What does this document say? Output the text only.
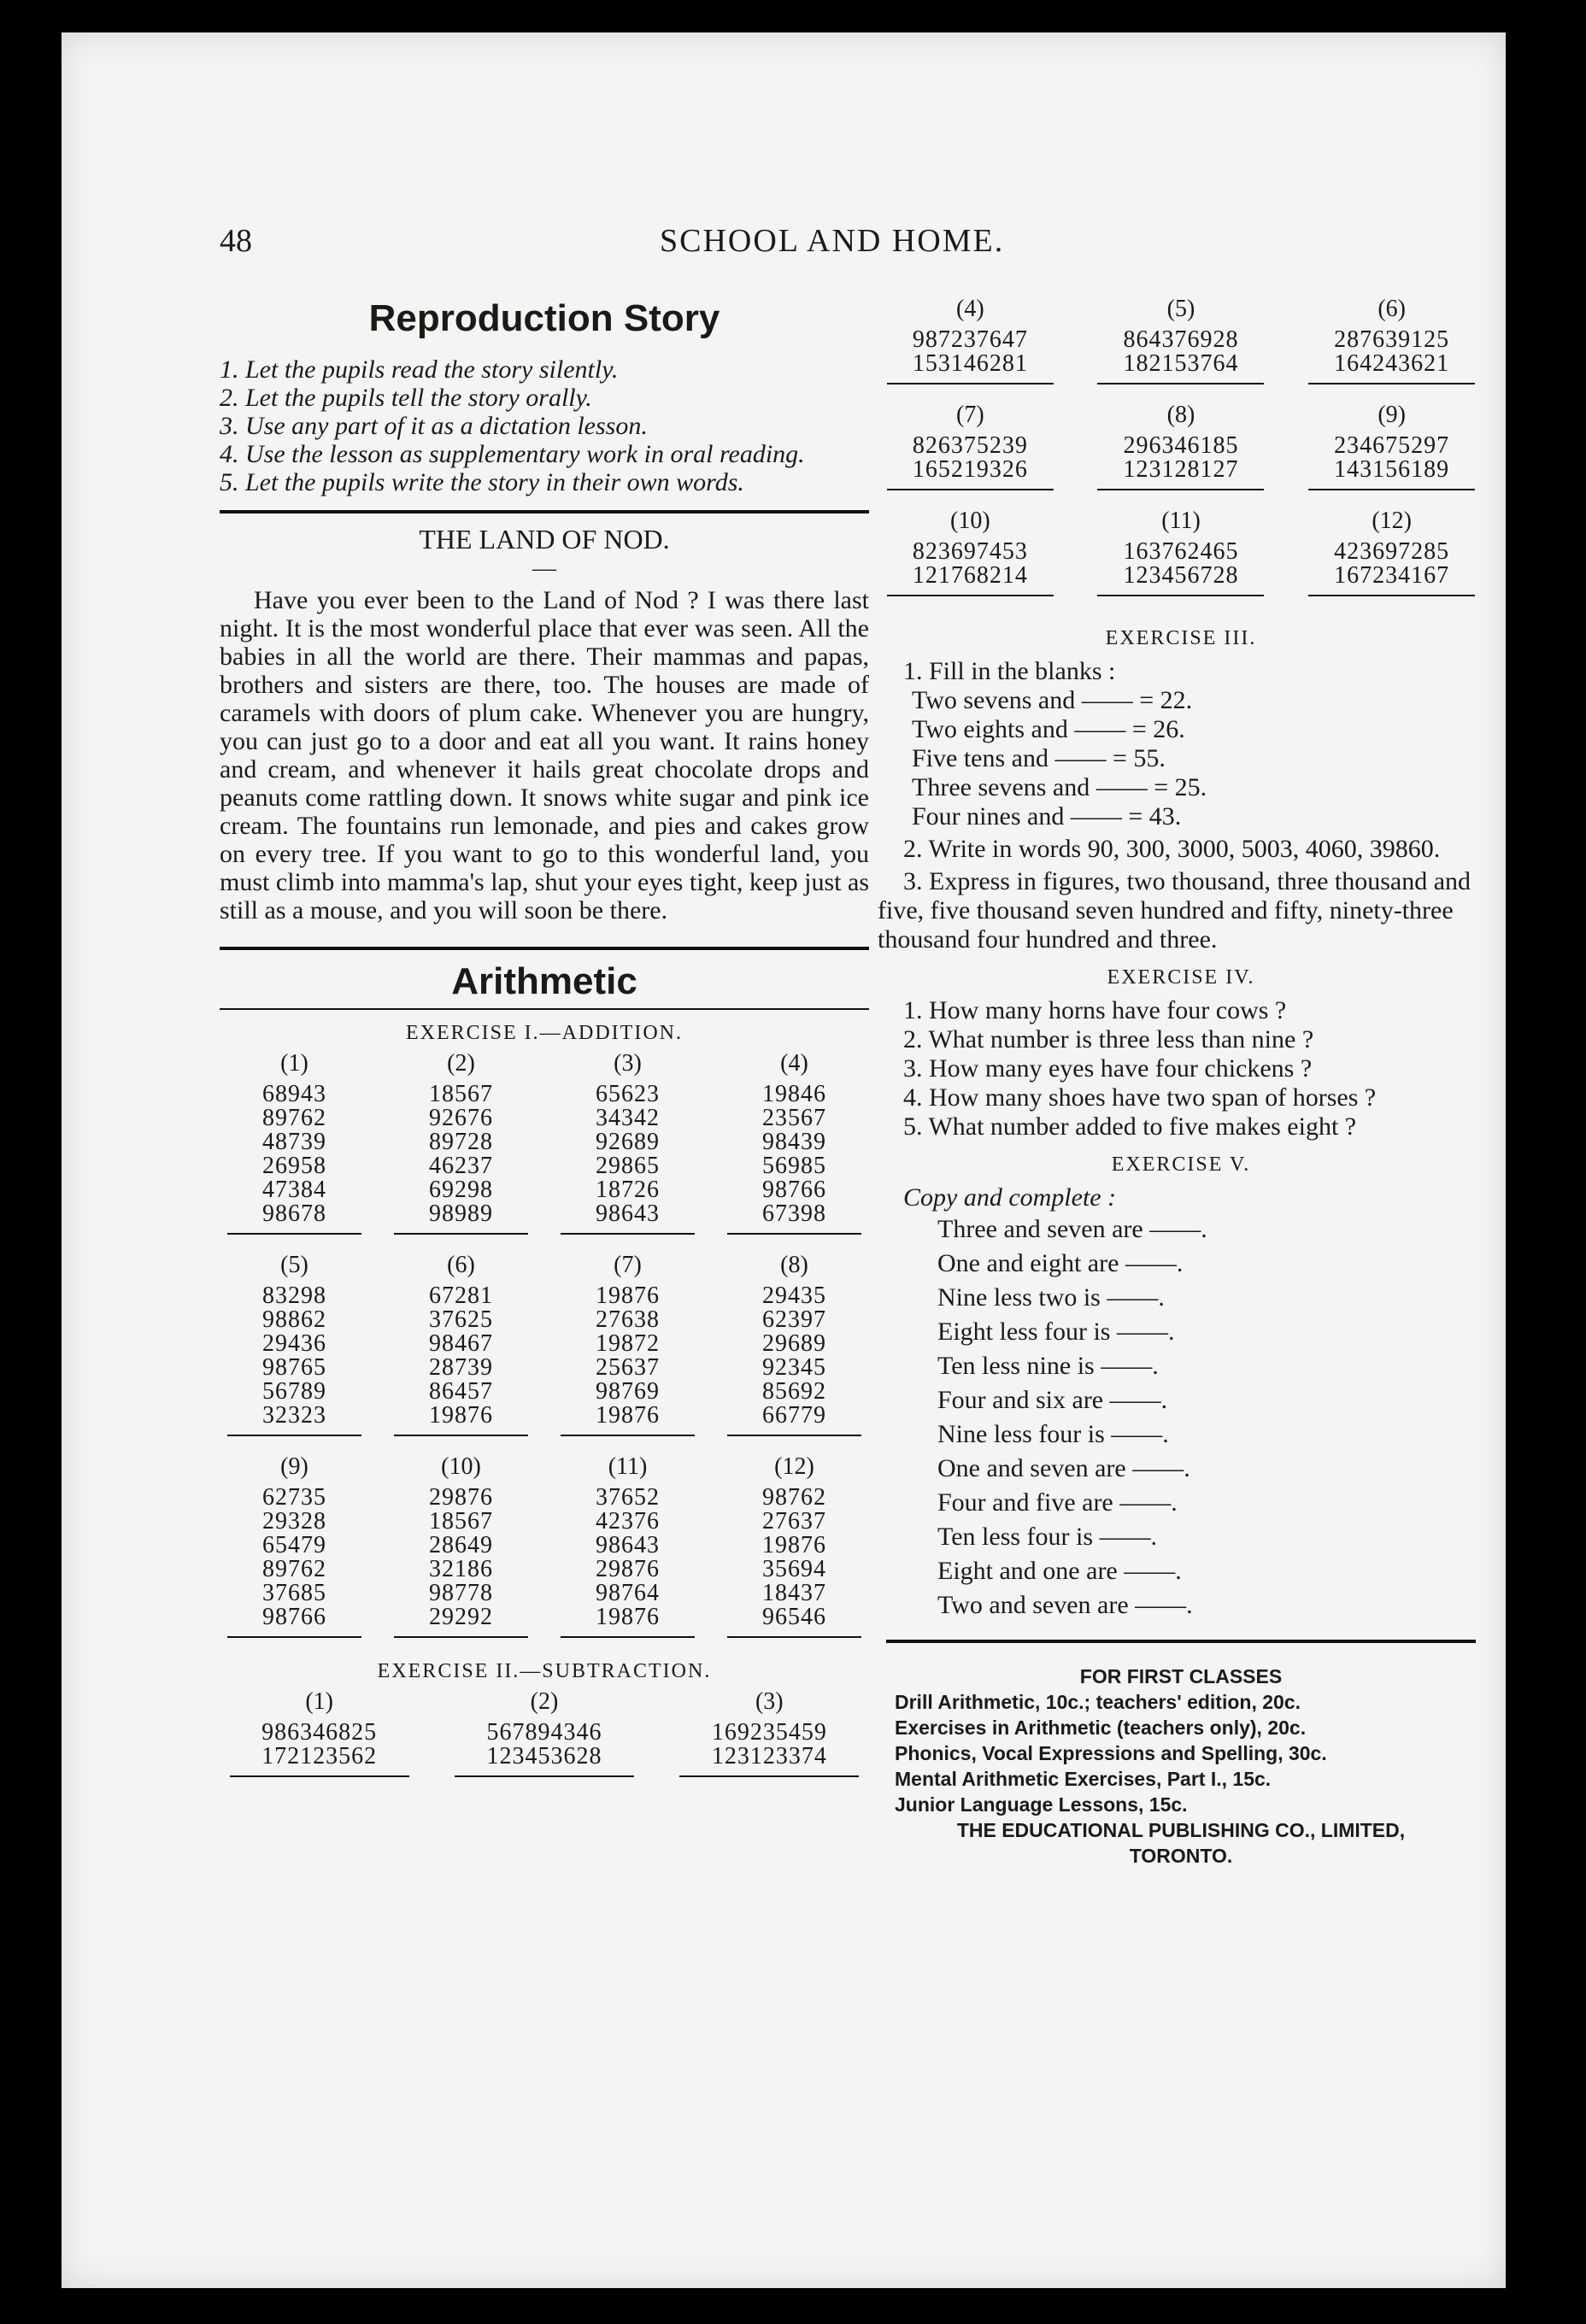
48	SCHOOL AND HOME.
Reproduction Story

1. Let the pupils read the story silently.

2. Let the pupils tell the story orally.

3. Use any part of it as a dictation lesson.

4. Use the lesson as supplementary work in oral reading.

5. Let the pupils write the story in their own words.

THE LAND OF NOD.
—

Have you ever been to the Land of Nod ? I was there last night. It is the most wonderful place that ever was seen. All the babies in all the world are there. Their mammas and papas, brothers and sisters are there, too. The houses are made of caramels with doors of plum cake. Whenever you are hungry, you can just go to a door and eat all you want. It rains honey and cream, and whenever it hails great chocolate drops and peanuts come rattling down. It snows white sugar and pink ice cream. The fountains run lemonade, and pies and cakes grow on every tree. If you want to go to this wonderful land, you must climb into mamma's lap, shut your eyes tight, keep just as still as a mouse, and you will soon be there.

Arithmetic
EXERCISE I.—ADDITION.
(1)
68943
89762
48739
26958
47384
98678
(2)
18567
92676
89728
46237
69298
98989
(3)
65623
34342
92689
29865
18726
98643
(4)
19846
23567
98439
56985
98766
67398
(5)
83298
98862
29436
98765
56789
32323
(6)
67281
37625
98467
28739
86457
19876
(7)
19876
27638
19872
25637
98769
19876
(8)
29435
62397
29689
92345
85692
66779
(9)
62735
29328
65479
89762
37685
98766
(10)
29876
18567
28649
32186
98778
29292
(11)
37652
42376
98643
29876
98764
19876
(12)
98762
27637
19876
35694
18437
96546
EXERCISE II.—SUBTRACTION.
(1)
986346825
172123562
(2)
567894346
123453628
(3)
169235459
123123374
(4)
987237647
153146281
(5)
864376928
182153764
(6)
287639125
164243621
(7)
826375239
165219326
(8)
296346185
123128127
(9)
234675297
143156189
(10)
823697453
121768214
(11)
163762465
123456728
(12)
423697285
167234167
EXERCISE III.

1. Fill in the blanks :

Two sevens and —— = 22.
Two eights and —— = 26.
Five tens and —— = 55.
Three sevens and —— = 25.
Four nines and —— = 43.

2. Write in words 90, 300, 3000, 5003, 4060, 39860.

3. Express in figures, two thousand, three thousand and five, five thousand seven hundred and fifty, ninety-three thousand four hundred and three.

EXERCISE IV.
1. How many horns have four cows ?
2. What number is three less than nine ?
3. How many eyes have four chickens ?
4. How many shoes have two span of horses ?
5. What number added to five makes eight ?
EXERCISE V.
Copy and complete :
Three and seven are ——.
One and eight are ——.
Nine less two is ——.
Eight less four is ——.
Ten less nine is ——.
Four and six are ——.
Nine less four is ——.
One and seven are ——.
Four and five are ——.
Ten less four is ——.
Eight and one are ——.
Two and seven are ——.
FOR FIRST CLASSES
Drill Arithmetic, 10c.; teachers' edition, 20c.
Exercises in Arithmetic (teachers only), 20c.
Phonics, Vocal Expressions and Spelling, 30c.
Mental Arithmetic Exercises, Part I., 15c.
Junior Language Lessons, 15c.
THE EDUCATIONAL PUBLISHING CO., LIMITED,
TORONTO.
